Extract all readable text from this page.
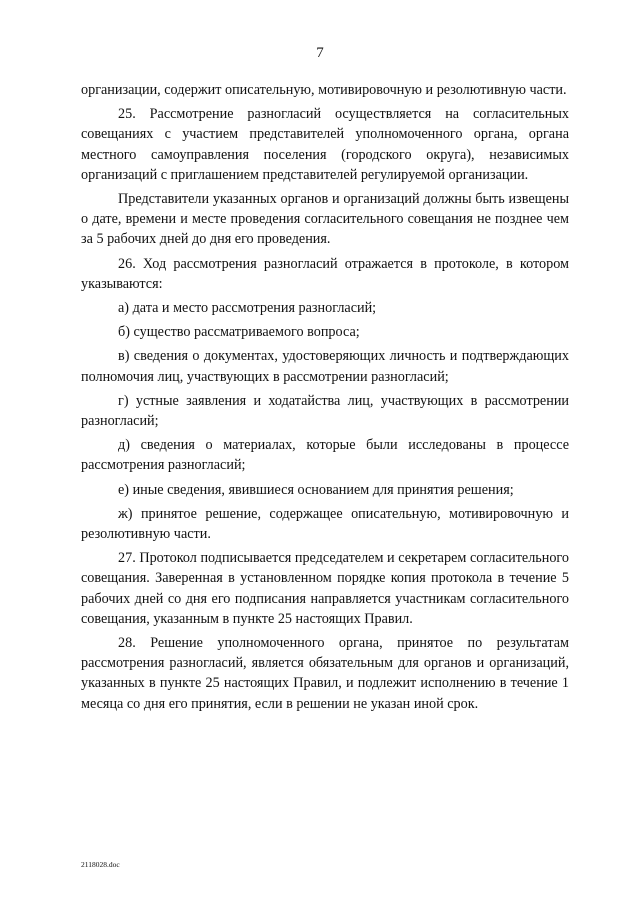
7

организации, содержит описательную, мотивировочную и резолютивную части.

25. Рассмотрение разногласий осуществляется на согласительных совещаниях с участием представителей уполномоченного органа, органа местного самоуправления поселения (городского округа), независимых организаций с приглашением представителей регулируемой организации.

Представители указанных органов и организаций должны быть извещены о дате, времени и месте проведения согласительного совещания не позднее чем за 5 рабочих дней до дня его проведения.

26. Ход рассмотрения разногласий отражается в протоколе, в котором указываются:

а) дата и место рассмотрения разногласий;

б) существо рассматриваемого вопроса;

в) сведения о документах, удостоверяющих личность и подтверждающих полномочия лиц, участвующих в рассмотрении разногласий;

г) устные заявления и ходатайства лиц, участвующих в рассмотрении разногласий;

д) сведения о материалах, которые были исследованы в процессе рассмотрения разногласий;

е) иные сведения, явившиеся основанием для принятия решения;

ж) принятое решение, содержащее описательную, мотивировочную и резолютивную части.

27. Протокол подписывается председателем и секретарем согласительного совещания. Заверенная в установленном порядке копия протокола в течение 5 рабочих дней со дня его подписания направляется участникам согласительного совещания, указанным в пункте 25 настоящих Правил.

28. Решение уполномоченного органа, принятое по результатам рассмотрения разногласий, является обязательным для органов и организаций, указанных в пункте 25 настоящих Правил, и подлежит исполнению в течение 1 месяца со дня его принятия, если в решении не указан иной срок.

2118028.doc
